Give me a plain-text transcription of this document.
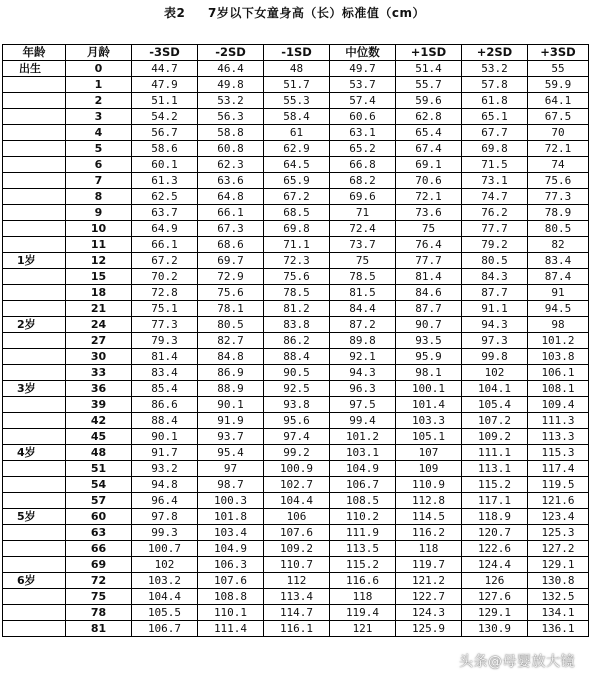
表2 7岁以下女童身高（长）标准值（cm）
年龄	月龄	-3SD	-2SD	-1SD	中位数	+1SD	+2SD	+3SD
出生	0	44.7	46.4	48	49.7	51.4	53.2	55
	1	47.9	49.8	51.7	53.7	55.7	57.8	59.9
	2	51.1	53.2	55.3	57.4	59.6	61.8	64.1
	3	54.2	56.3	58.4	60.6	62.8	65.1	67.5
	4	56.7	58.8	61	63.1	65.4	67.7	70
	5	58.6	60.8	62.9	65.2	67.4	69.8	72.1
	6	60.1	62.3	64.5	66.8	69.1	71.5	74
	7	61.3	63.6	65.9	68.2	70.6	73.1	75.6
	8	62.5	64.8	67.2	69.6	72.1	74.7	77.3
	9	63.7	66.1	68.5	71	73.6	76.2	78.9
	10	64.9	67.3	69.8	72.4	75	77.7	80.5
	11	66.1	68.6	71.1	73.7	76.4	79.2	82
1岁	12	67.2	69.7	72.3	75	77.7	80.5	83.4
	15	70.2	72.9	75.6	78.5	81.4	84.3	87.4
	18	72.8	75.6	78.5	81.5	84.6	87.7	91
	21	75.1	78.1	81.2	84.4	87.7	91.1	94.5
2岁	24	77.3	80.5	83.8	87.2	90.7	94.3	98
	27	79.3	82.7	86.2	89.8	93.5	97.3	101.2
	30	81.4	84.8	88.4	92.1	95.9	99.8	103.8
	33	83.4	86.9	90.5	94.3	98.1	102	106.1
3岁	36	85.4	88.9	92.5	96.3	100.1	104.1	108.1
	39	86.6	90.1	93.8	97.5	101.4	105.4	109.4
	42	88.4	91.9	95.6	99.4	103.3	107.2	111.3
	45	90.1	93.7	97.4	101.2	105.1	109.2	113.3
4岁	48	91.7	95.4	99.2	103.1	107	111.1	115.3
	51	93.2	97	100.9	104.9	109	113.1	117.4
	54	94.8	98.7	102.7	106.7	110.9	115.2	119.5
	57	96.4	100.3	104.4	108.5	112.8	117.1	121.6
5岁	60	97.8	101.8	106	110.2	114.5	118.9	123.4
	63	99.3	103.4	107.6	111.9	116.2	120.7	125.3
	66	100.7	104.9	109.2	113.5	118	122.6	127.2
	69	102	106.3	110.7	115.2	119.7	124.4	129.1
6岁	72	103.2	107.6	112	116.6	121.2	126	130.8
	75	104.4	108.8	113.4	118	122.7	127.6	132.5
	78	105.5	110.1	114.7	119.4	124.3	129.1	134.1
	81	106.7	111.4	116.1	121	125.9	130.9	136.1
头条@母婴放大镜
